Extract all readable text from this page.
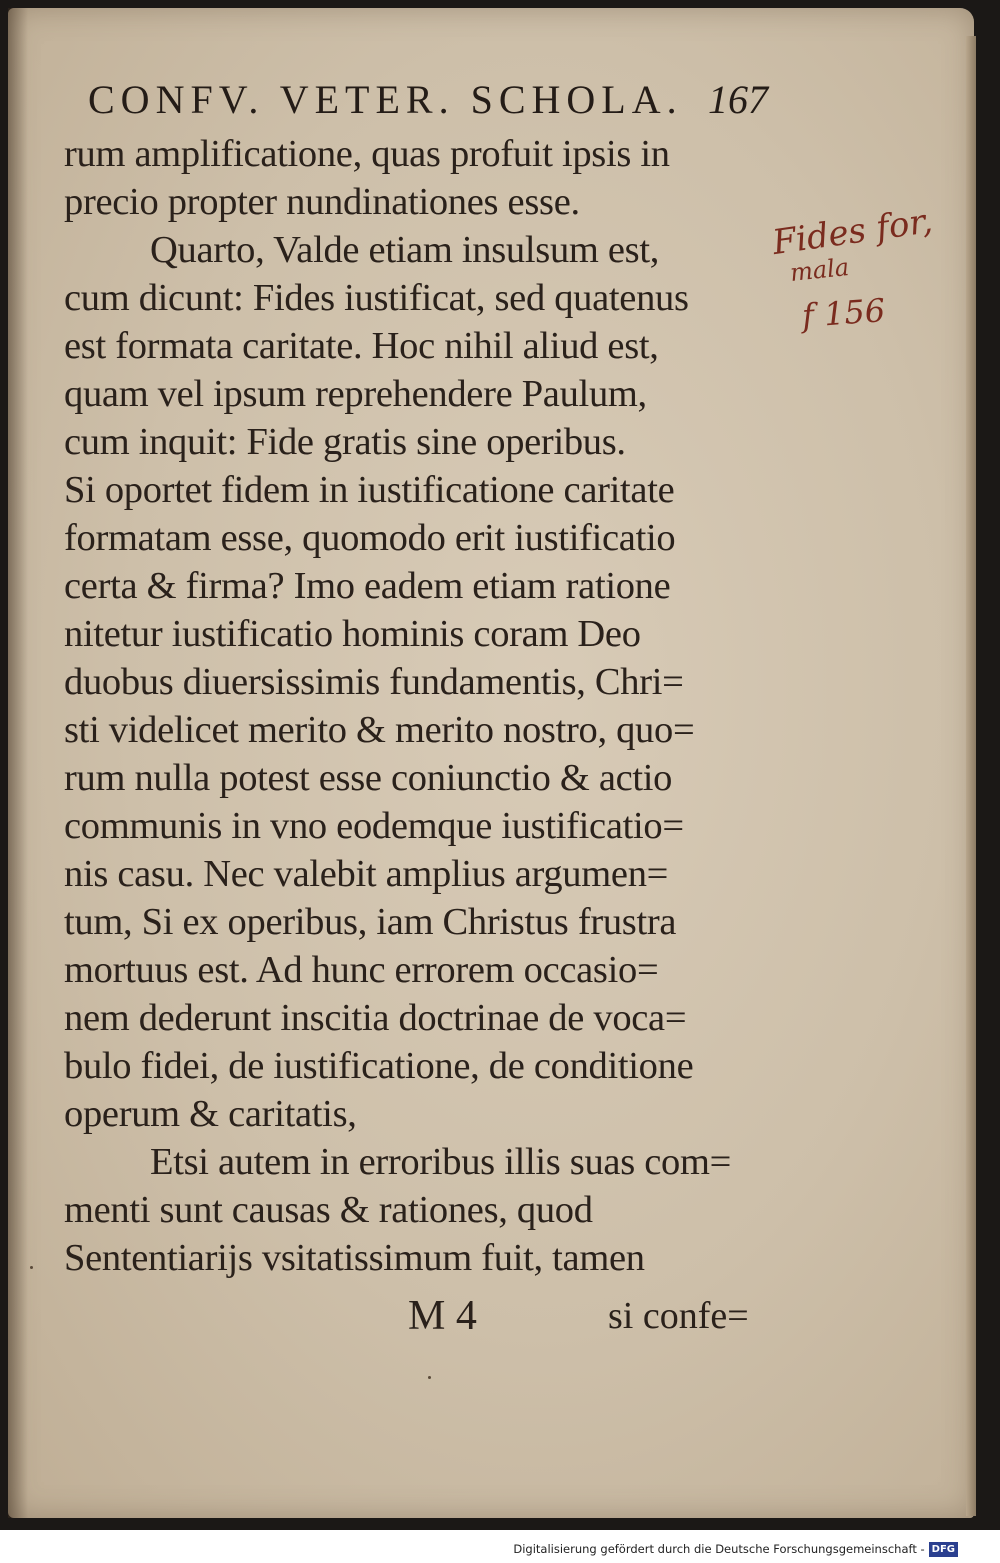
CONFV. VETER. SCHOLA. 167
rum amplificatione, quas profuit ipsis in
precio propter nundinationes esse.
Quarto, Valde etiam insulsum est,
cum dicunt: Fides iustificat, sed quatenus
est formata caritate. Hoc nihil aliud est,
quam vel ipsum reprehendere Paulum,
cum inquit: Fide gratis sine operibus.
Si oportet fidem in iustificatione caritate
formatam esse, quomodo erit iustificatio
certa & firma? Imo eadem etiam ratione
nitetur iustificatio hominis coram Deo
duobus diuersissimis fundamentis, Chri=
sti videlicet merito & merito nostro, quo=
rum nulla potest esse coniunctio & actio
communis in vno eodemque iustificatio=
nis casu. Nec valebit amplius argumen=
tum, Si ex operibus, iam Christus frustra
mortuus est. Ad hunc errorem occasio=
nem dederunt inscitia doctrinae de voca=
bulo fidei, de iustificatione, de conditione
operum & caritatis,
Etsi autem in erroribus illis suas com=
menti sunt causas & rationes, quod
Sententiarijs vsitatissimum fuit, tamen
M 4	si confe=
Fides for,
mala
f 156
Digitalisierung gefördert durch die Deutsche Forschungsgemeinschaft - DFG
